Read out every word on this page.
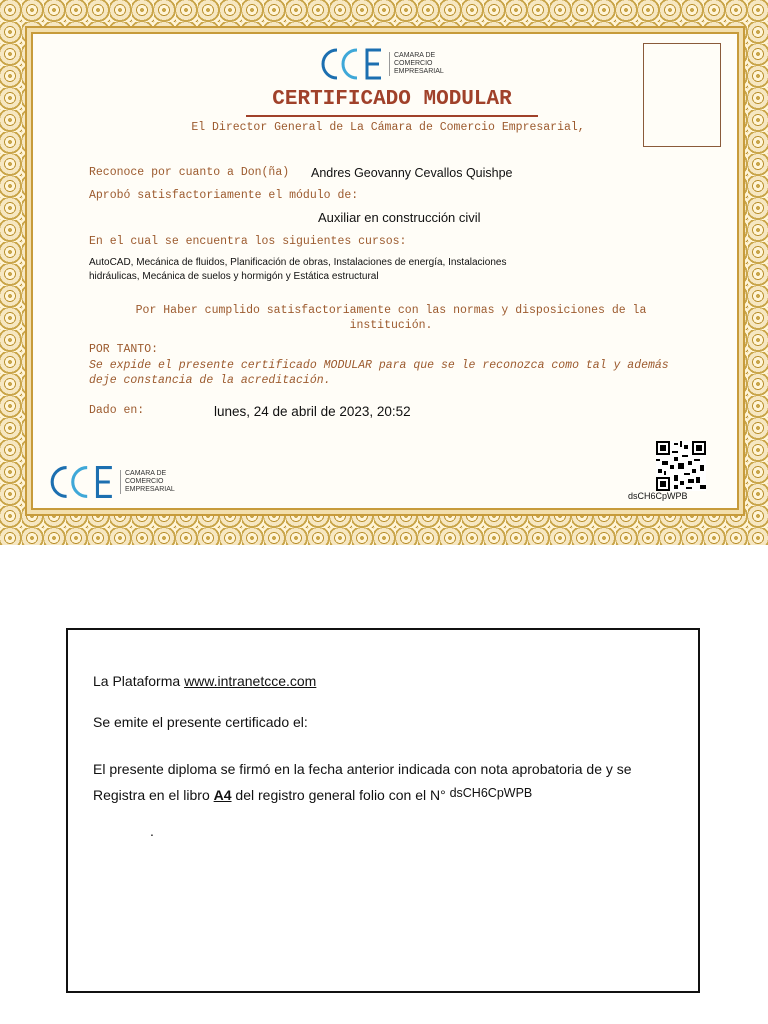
CAMARA DE
COMERCIO
EMPRESARIAL
CERTIFICADO MODULAR
El Director General de La Cámara de Comercio Empresarial,
Reconoce por cuanto a Don(ña) Andres Geovanny Cevallos Quishpe
Aprobó satisfactoriamente el módulo de:
Auxiliar en construcción civil
En el cual se encuentra los siguientes cursos:
AutoCAD, Mecánica de fluidos, Planificación de obras, Instalaciones de energía, Instalaciones hidráulicas, Mecánica de suelos y hormigón y Estática estructural
Por Haber cumplido satisfactoriamente con las normas y disposiciones de la institución.
POR TANTO:
Se expide el presente certificado MODULAR para que se le reconozca como tal y además deje constancia de la acreditación.
Dado en:	lunes, 24 de abril de 2023, 20:52
CAMARA DE
COMERCIO
EMPRESARIAL
dsCH6CpWPB
La Plataforma www.intranetcce.com
Se emite el presente certificado el:
El presente diploma se firmó en la fecha anterior indicada con nota aprobatoria de y se
Registra en el libro A4 del registro general folio con el N° dsCH6CpWPB
.
